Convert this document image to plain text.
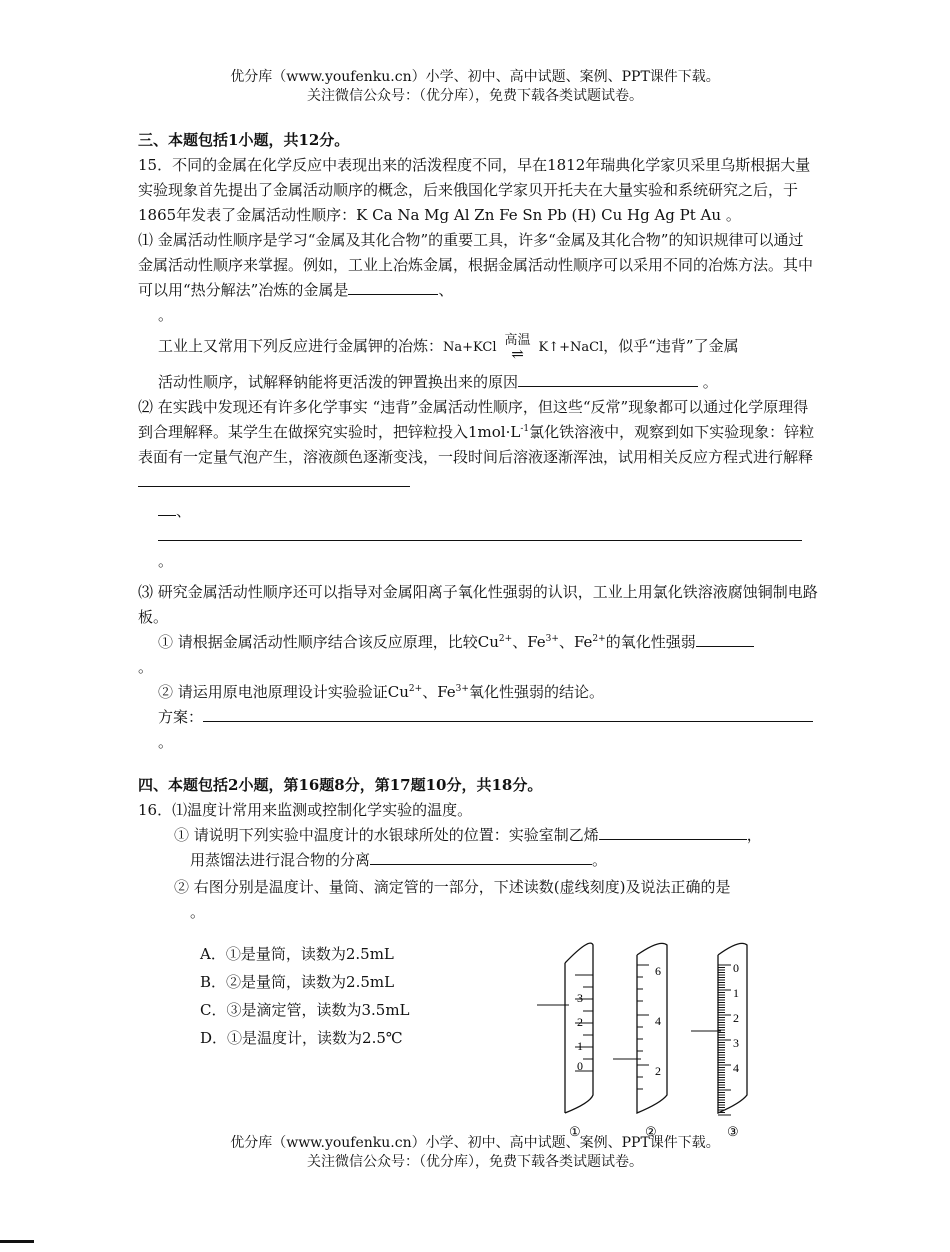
优分库（www.youfenku.cn）小学、初中、高中试题、案例、PPT课件下载。
关注微信公众号：（优分库），免费下载各类试题试卷。
三、本题包括1小题，共12分。
15．不同的金属在化学反应中表现出来的活泼程度不同，早在1812年瑞典化学家贝采里乌斯根据大量实验现象首先提出了金属活动顺序的概念，后来俄国化学家贝开托夫在大量实验和系统研究之后，于1865年发表了金属活动性顺序：K Ca Na Mg Al Zn Fe Sn Pb (H) Cu Hg Ag Pt Au 。
⑴ 金属活动性顺序是学习“金属及其化合物”的重要工具，许多“金属及其化合物”的知识规律可以通过金属活动性顺序来掌握。例如，工业上冶炼金属，根据金属活动性顺序可以采用不同的冶炼方法。其中可以用“热分解法”冶炼的金属是	、
。
工业上又常用下列反应进行金属钾的冶炼：Na+KCl 高温
⇌	K↑+NaCl，似乎“违背”了金属
活动性顺序，试解释钠能将更活泼的钾置换出来的原因	。
⑵ 在实践中发现还有许多化学事实 “违背”金属活动性顺序，但这些“反常”现象都可以通过化学原理得到合理解释。某学生在做探究实验时，把锌粒投入$1mol\cdot L^{-1}$氯化铁溶液中，观察到如下实验现象：锌粒表面有一定量气泡产生，溶液颜色逐渐变浅，一段时间后溶液逐渐浑浊，试用相关反应方程式进行解释
、
。
⑶ 研究金属活动性顺序还可以指导对金属阳离子氧化性强弱的认识，工业上用氯化铁溶液腐蚀铜制电路板。
① 请根据金属活动性顺序结合该反应原理，比较$Cu^{2+}$、$Fe^{3+}$、$Fe^{2+}$的氧化性强弱
。
② 请运用原电池原理设计实验验证$Cu^{2+}$、$Fe^{3+}$氧化性强弱的结论。
方案：。
四、本题包括2小题，第16题8分，第17题10分，共18分。
16．⑴温度计常用来监测或控制化学实验的温度。
① 请说明下列实验中温度计的水银球所处的位置：实验室制乙烯	，
用蒸馏法进行混合物的分离	。
② 右图分别是温度计、量筒、滴定管的一部分，下述读数(虚线刻度)及说法正确的是
。
A．①是量筒，读数为2.5mL
B．②是量筒，读数为2.5mL
C．③是滴定管，读数为3.5mL
D．①是温度计，读数为2.5℃
3
2
1
0
①
6
4
2
②
0
1
2
3
4
③
优分库（www.youfenku.cn）小学、初中、高中试题、案例、PPT课件下载。
关注微信公众号：（优分库），免费下载各类试题试卷。
